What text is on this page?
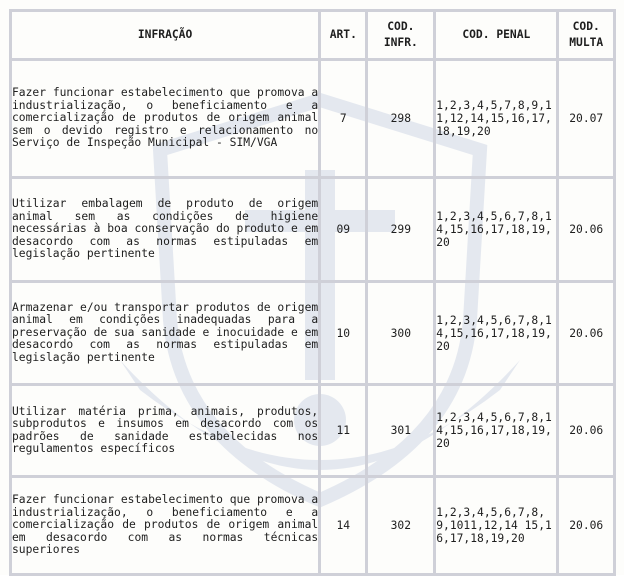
INFRAÇÃO	ART.	COD. INFR.	COD. PENAL	COD. MULTA
Fazer funcionar estabelecimento que promova a industrialização, o beneficiamento e a comercialização de produtos de origem animal sem o devido registro e relacionamento no Serviço de Inspeção Municipal - SIM/VGA	7	298	1,2,3,4,5,7,8,9,11,12,14,15,16,17,18,19,20	20.07
Utilizar embalagem de produto de origem animal sem as condições de higiene necessárias à boa conservação do produto e em desacordo com as normas estipuladas em legislação pertinente	09	299	1,2,3,4,5,6,7,8,14,15,16,17,18,19,20	20.06
Armazenar e/ou transportar produtos de origem animal em condições inadequadas para a preservação de sua sanidade e inocuidade e em desacordo com as normas estipuladas em legislação pertinente	10	300	1,2,3,4,5,6,7,8,14,15,16,17,18,19,20	20.06
Utilizar matéria prima, animais, produtos, subprodutos e insumos em desacordo com os padrões de sanidade estabelecidas nos regulamentos específicos	11	301	1,2,3,4,5,6,7,8,14,15,16,17,18,19,20	20.06
Fazer funcionar estabelecimento que promova a industrialização, o beneficiamento e a comercialização de produtos de origem animal em desacordo com as normas técnicas superiores	14	302	1,2,3,4,5,6,7,8,9,1011,12,14 15,16,17,18,19,20	20.06
